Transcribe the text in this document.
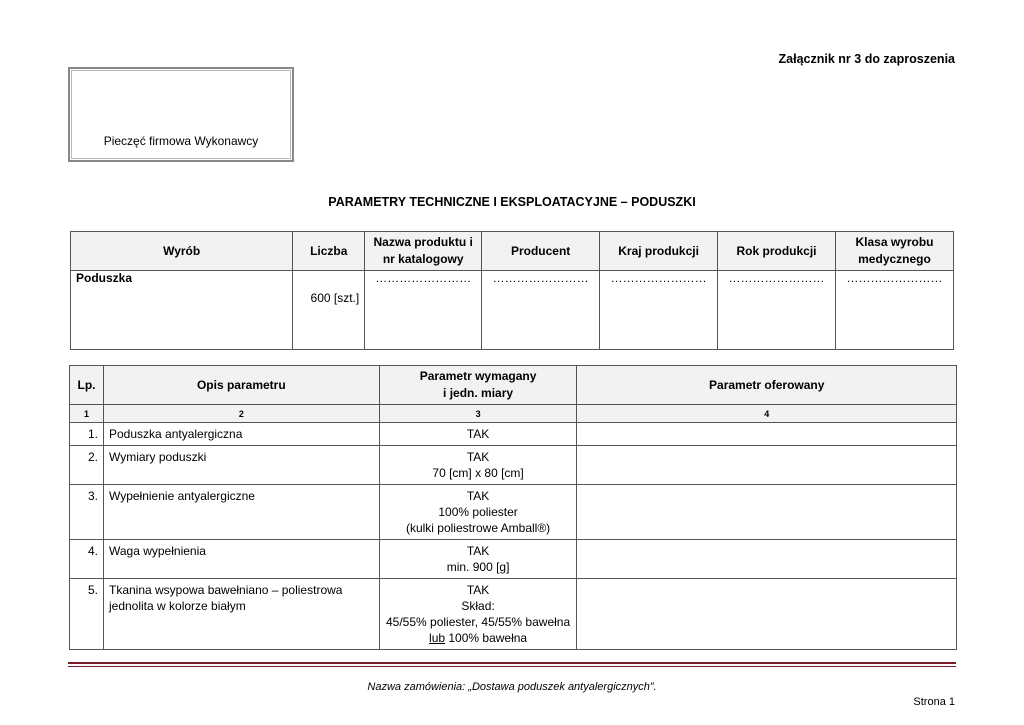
Załącznik nr 3 do zaproszenia
Pieczęć firmowa Wykonawcy
PARAMETRY TECHNICZNE I EKSPLOATACYJNE – PODUSZKI
Wyrób	Liczba	Nazwa produktu i nr katalogowy	Producent	Kraj produkcji	Rok produkcji	Klasa wyrobu medycznego
Poduszka	600 [szt.]	……………………	……………………	……………………	……………………	……………………
Lp.	Opis parametru	Parametr wymagany
i jedn. miary	Parametr oferowany
1	2	3	4
1.	Poduszka antyalergiczna	TAK	

2.	Wymiary poduszki	TAK
70 [cm] x 80 [cm]	

3.	Wypełnienie antyalergiczne	TAK
100% poliester
(kulki poliestrowe Amball®)	

4.	Waga wypełnienia	TAK
min. 900 [g]	

5.	Tkanina wsypowa bawełniano – poliestrowa jednolita w kolorze białym	TAK
Skład:
45/55% poliester, 45/55% bawełna
lub 100% bawełna	

Nazwa zamówienia: „Dostawa poduszek antyalergicznych”.
Strona 1
